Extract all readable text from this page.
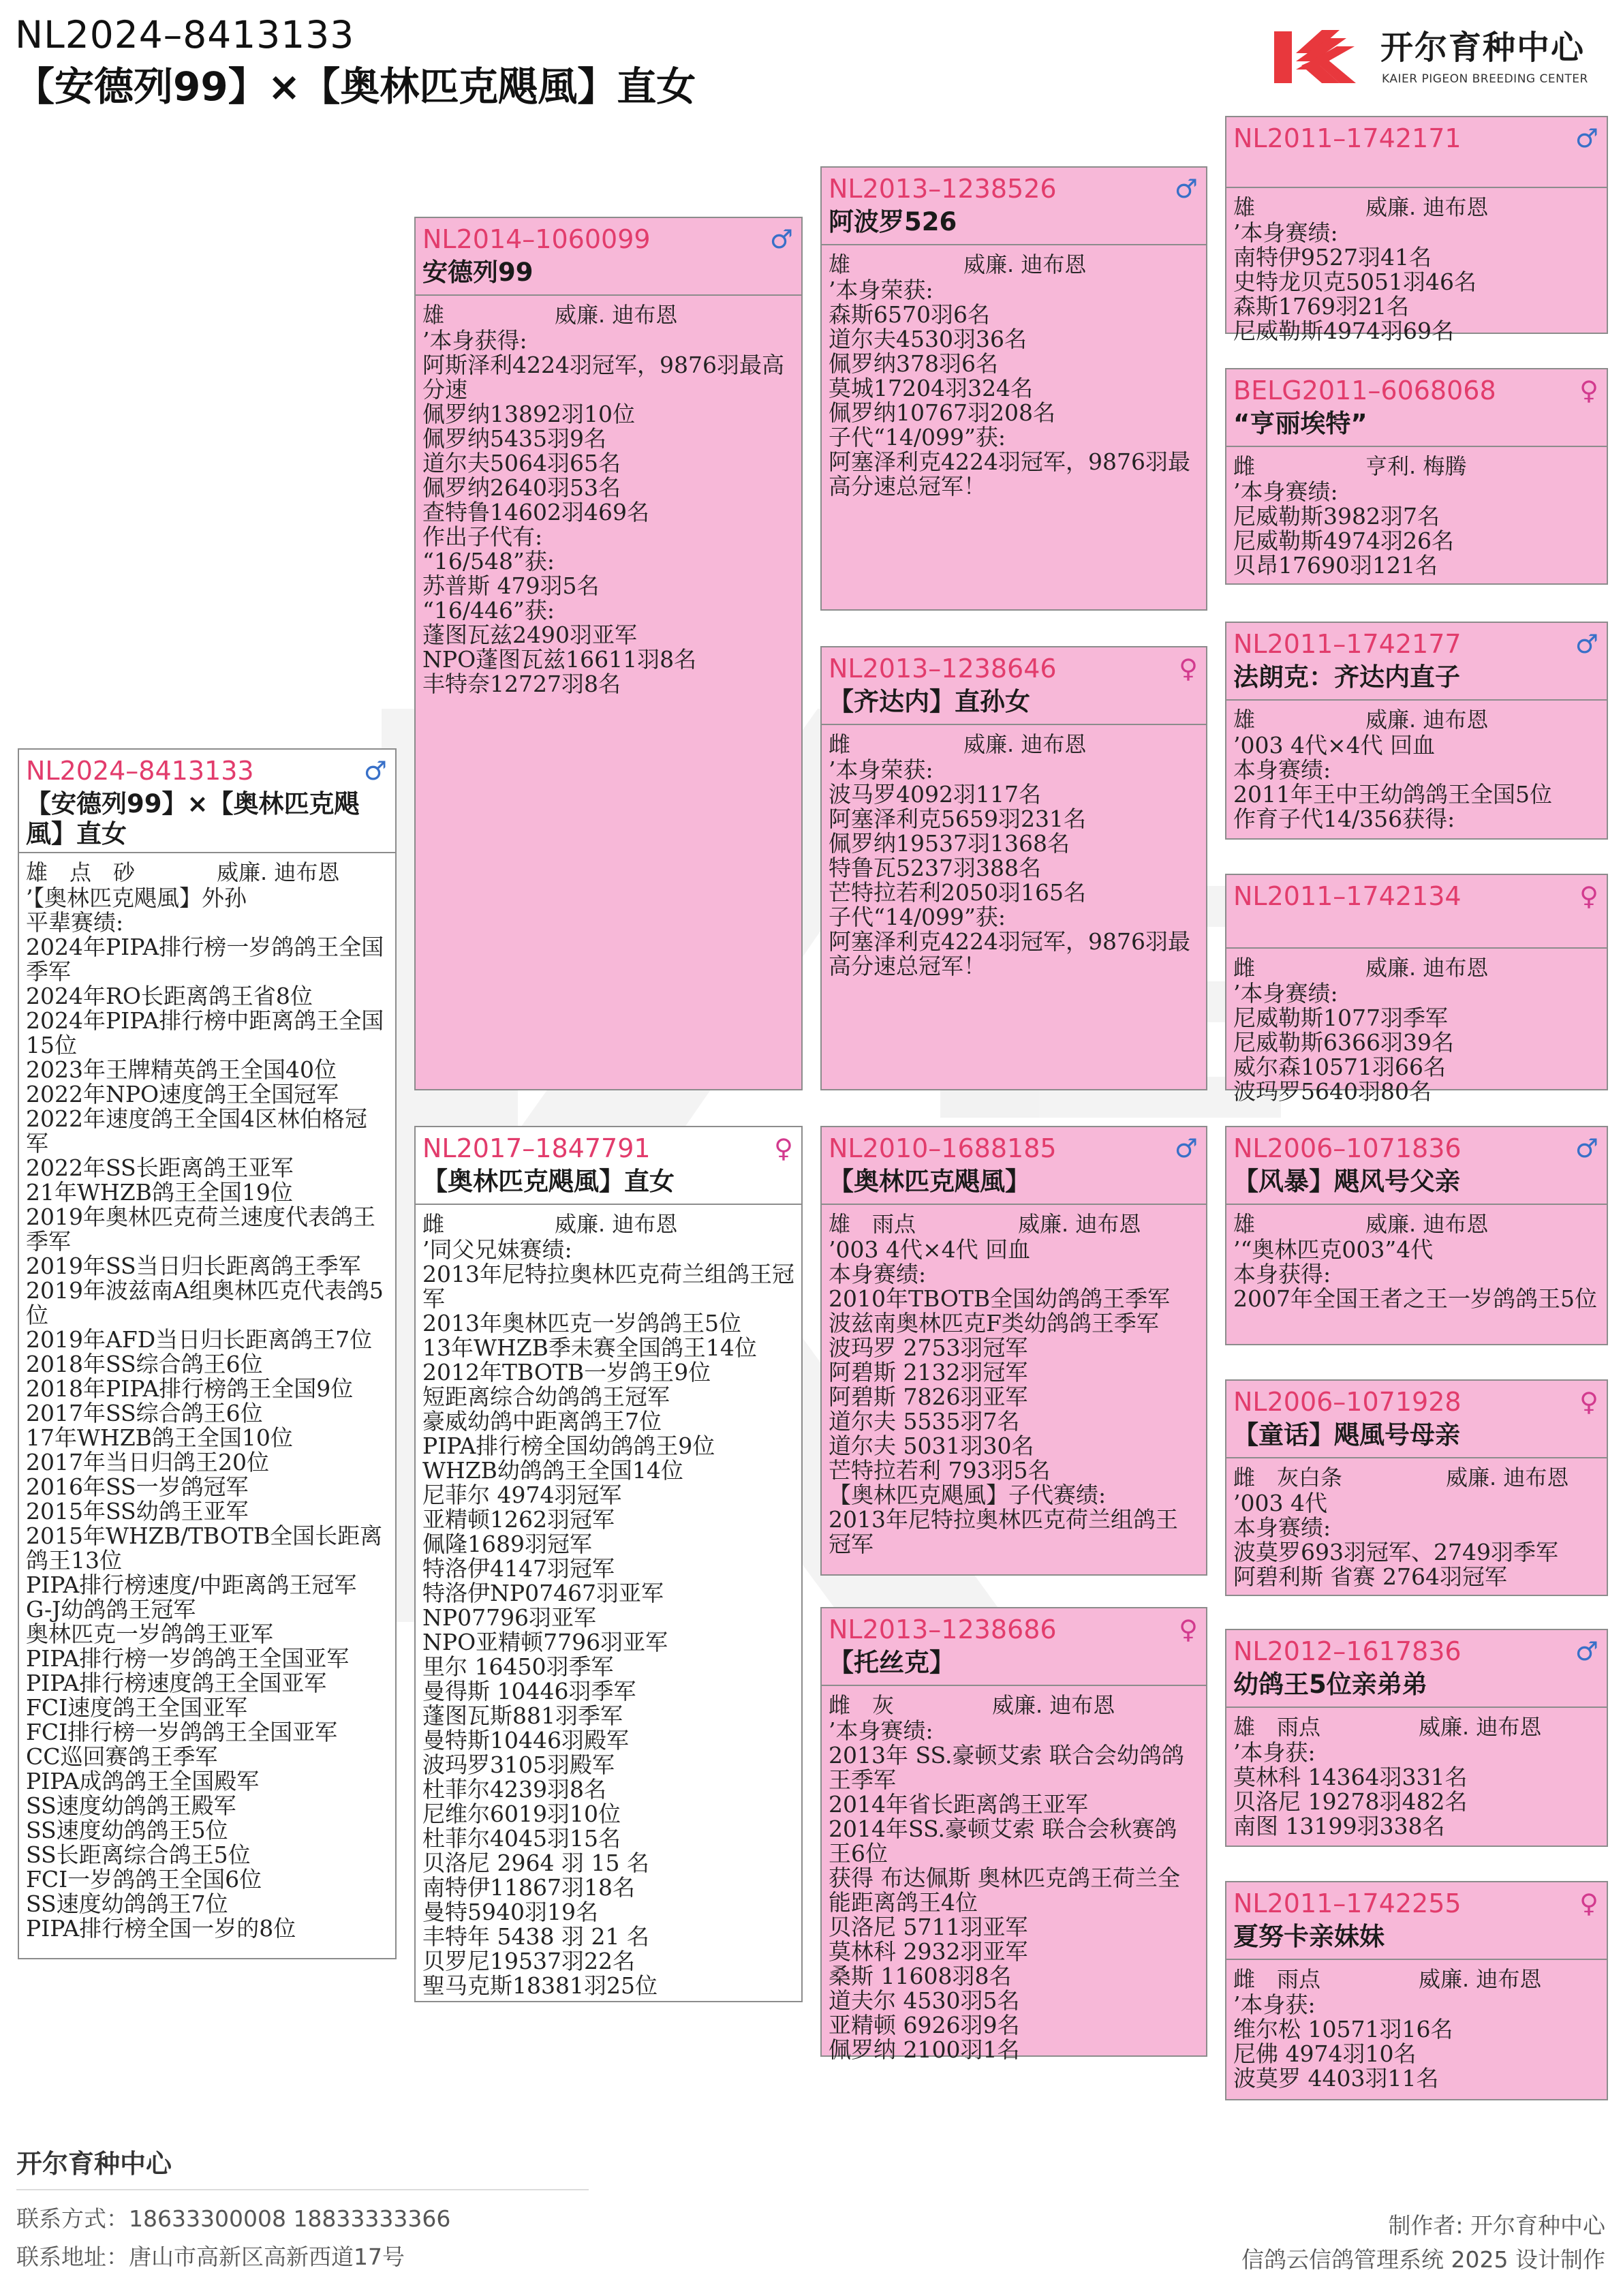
NL2024–8413133
【安德列99】×【奥林匹克飓風】直女
开尔育种中心
KAIER PIGEON BREEDING CENTER
NL2024–8413133	♂
【安德列99】×【奥林匹克飓風】直女
雄　点　砂	威廉. 迪布恩
’【奥林匹克飓風】外孙
平辈赛绩:
2024年PIPA排行榜一岁鸽鸽王全国季军
2024年RO长距离鸽王省8位
2024年PIPA排行榜中距离鸽王全国15位
2023年王牌精英鸽王全国40位
2022年NPO速度鸽王全国冠军
2022年速度鸽王全国4区林伯格冠军
2022年SS长距离鸽王亚军
21年WHZB鸽王全国19位
2019年奥林匹克荷兰速度代表鸽王季军
2019年SS当日归长距离鸽王季军
2019年波兹南A组奥林匹克代表鸽5位
2019年AFD当日归长距离鸽王7位
2018年SS综合鸽王6位
2018年PIPA排行榜鸽王全国9位
2017年SS综合鸽王6位
17年WHZB鸽王全国10位
2017年当日归鸽王20位
2016年SS一岁鸽冠军
2015年SS幼鸽王亚军
2015年WHZB/TBOTB全国长距离鸽王13位
PIPA排行榜速度/中距离鸽王冠军
G-J幼鸽鸽王冠军
奥林匹克一岁鸽鸽王亚军
PIPA排行榜一岁鸽鸽王全国亚军
PIPA排行榜速度鸽王全国亚军
FCI速度鸽王全国亚军
FCI排行榜一岁鸽鸽王全国亚军
CC巡回赛鸽王季军
PIPA成鸽鸽王全国殿军
SS速度幼鸽鸽王殿军
SS速度幼鸽鸽王5位
SS长距离综合鸽王5位
FCI一岁鸽鸽王全国6位
SS速度幼鸽鸽王7位
PIPA排行榜全国一岁的8位
NL2014–1060099	♂
安德列99
雄	威廉. 迪布恩
’本身获得:
阿斯泽利4224羽冠军，9876羽最高分速
佩罗纳13892羽10位
佩罗纳5435羽9名
道尔夫5064羽65名
佩罗纳2640羽53名
查特鲁14602羽469名
作出子代有:
“16/548”获:
苏普斯 479羽5名
“16/446”获:
蓬图瓦兹2490羽亚军
NPO蓬图瓦兹16611羽8名
丰特奈12727羽8名
NL2017–1847791	♀
【奥林匹克飓風】直女
雌	威廉. 迪布恩
’同父兄妹赛绩:
2013年尼特拉奥林匹克荷兰组鸽王冠军
2013年奥林匹克一岁鸽鸽王5位
13年WHZB季未赛全国鸽王14位
2012年TBOTB一岁鸽王9位
短距离综合幼鸽鸽王冠军
豪威幼鸽中距离鸽王7位
PIPA排行榜全国幼鸽鸽王9位
WHZB幼鸽鸽王全国14位
尼菲尔 4974羽冠军
亚精顿1262羽冠军
佩隆1689羽冠军
特洛伊4147羽冠军
特洛伊NP07467羽亚军
NP07796羽亚军
NPO亚精顿7796羽亚军
里尔 16450羽季军
曼得斯 10446羽季军
蓬图瓦斯881羽季军
曼特斯10446羽殿军
波玛罗3105羽殿军
杜菲尔4239羽8名
尼维尔6019羽10位
杜菲尔4045羽15名
贝洛尼 2964 羽 15 名
南特伊11867羽18名
曼特5940羽19名
丰特年 5438 羽 21 名
贝罗尼19537羽22名
聖马克斯18381羽25位
NL2013–1238526	♂
阿波罗526
雄	威廉. 迪布恩
’本身荣获:
森斯6570羽6名
道尔夫4530羽36名
佩罗纳378羽6名
莫城17204羽324名
佩罗纳10767羽208名
子代“14/099”获:
阿塞泽利克4224羽冠军，9876羽最高分速总冠军！
NL2013–1238646	♀
【齐达内】直孙女
雌	威廉. 迪布恩
’本身荣获:
波马罗4092羽117名
阿塞泽利克5659羽231名
佩罗纳19537羽1368名
特鲁瓦5237羽388名
芒特拉若利2050羽165名
子代“14/099”获:
阿塞泽利克4224羽冠军，9876羽最高分速总冠军！
NL2010–1688185	♂
【奥林匹克飓風】
雄　雨点	威廉. 迪布恩
’003 4代×4代 回血
本身赛绩:
2010年TBOTB全国幼鸽鸽王季军
波兹南奥林匹克F类幼鸽鸽王季军
波玛罗 2753羽冠军
阿碧斯 2132羽冠军
阿碧斯 7826羽亚军
道尔夫 5535羽7名
道尔夫 5031羽30名
芒特拉若利 793羽5名
【奥林匹克飓風】子代赛绩:
2013年尼特拉奥林匹克荷兰组鸽王冠军
NL2013–1238686	♀
【托丝克】
雌　灰	威廉. 迪布恩
’本身赛绩:
2013年 SS.豪顿艾索 联合会幼鸽鸽王季军
2014年省长距离鸽王亚军
2014年SS.豪顿艾索 联合会秋赛鸽王6位
获得 布达佩斯 奥林匹克鸽王荷兰全能距离鸽王4位
贝洛尼 5711羽亚军
莫林科 2932羽亚军
桑斯 11608羽8名
道夫尔 4530羽5名
亚精顿 6926羽9名
佩罗纳 2100羽1名
NL2011–1742171	♂
雄	威廉. 迪布恩
’本身赛绩:
南特伊9527羽41名
史特龙贝克5051羽46名
森斯1769羽21名
尼威勒斯4974羽69名
BELG2011–6068068	♀
“亨丽埃特”
雌	亨利. 梅腾
’本身赛绩:
尼威勒斯3982羽7名
尼威勒斯4974羽26名
贝昂17690羽121名
NL2011–1742177	♂
法朗克：齐达内直子
雄	威廉. 迪布恩
’003 4代×4代 回血
本身赛绩:
2011年王中王幼鸽鸽王全国5位
作育子代14/356获得:
NL2011–1742134	♀
雌	威廉. 迪布恩
’本身赛绩:
尼威勒斯1077羽季军
尼威勒斯6366羽39名
威尔森10571羽66名
波玛罗5640羽80名
NL2006–1071836	♂
【风暴】飓风号父亲
雄	威廉. 迪布恩
’“奥林匹克003”4代
本身获得:
2007年全国王者之王一岁鸽鸽王5位
NL2006–1071928	♀
【童话】飓風号母亲
雌　灰白条	威廉. 迪布恩
’003 4代
本身赛绩:
波莫罗693羽冠军、2749羽季军
阿碧利斯 省赛 2764羽冠军
NL2012–1617836	♂
幼鸽王5位亲弟弟
雄　雨点	威廉. 迪布恩
’本身获:
莫林科 14364羽331名
贝洛尼 19278羽482名
南图 13199羽338名
NL2011–1742255	♀
夏努卡亲妹妹
雌　雨点	威廉. 迪布恩
’本身获:
维尔松 10571羽16名
尼佛 4974羽10名
波莫罗 4403羽11名
开尔育种中心
联系方式：18633300008 18833333366
联系地址：唐山市高新区高新西道17号
制作者: 开尔育种中心
信鸽云信鸽管理系统 2025 设计制作
